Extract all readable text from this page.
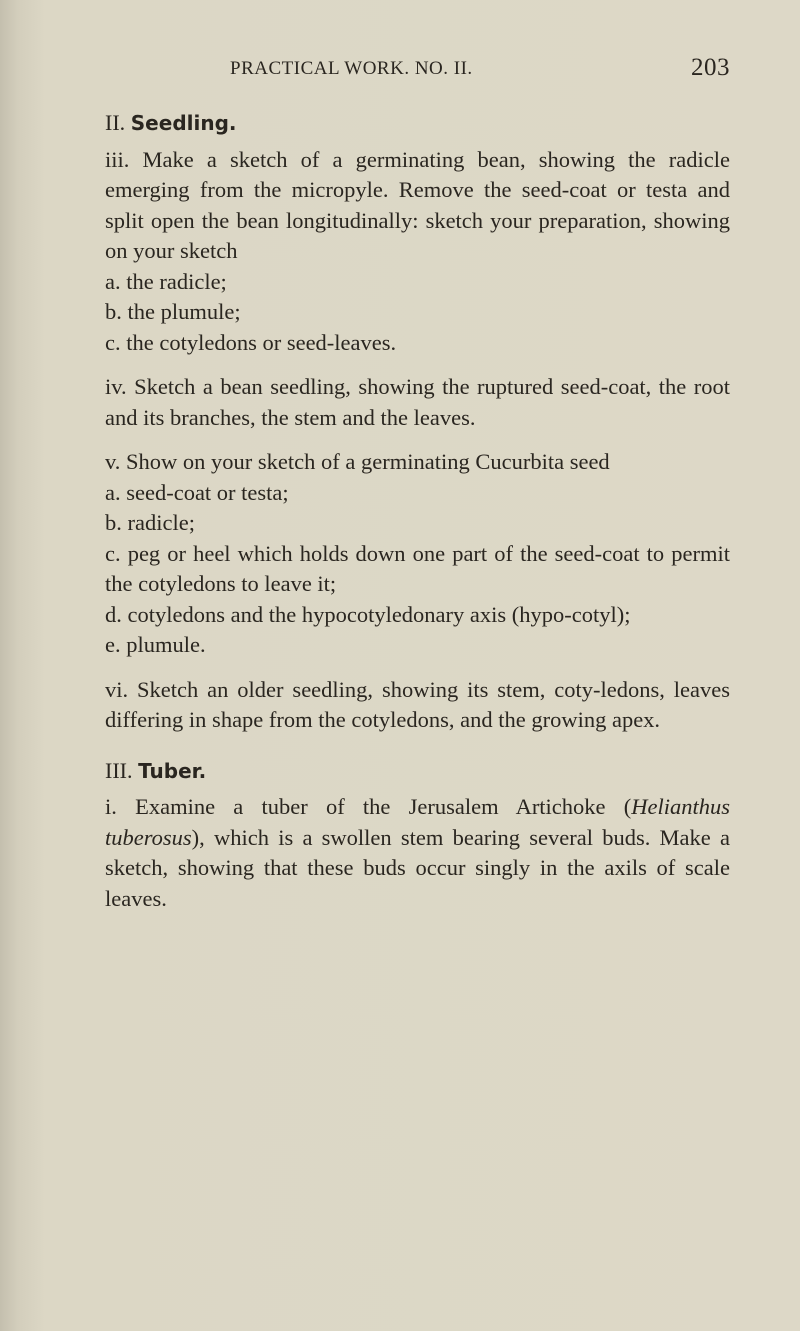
PRACTICAL WORK. NO. II.	203

II. Seedling.

iii. Make a sketch of a germinating bean, showing the radicle emerging from the micropyle. Remove the seed-coat or testa and split open the bean longitudinally: sketch your preparation, showing on your sketch

a. the radicle;

b. the plumule;

c. the cotyledons or seed-leaves.

iv. Sketch a bean seedling, showing the ruptured seed-coat, the root and its branches, the stem and the leaves.

v. Show on your sketch of a germinating Cucurbita seed

a. seed-coat or testa;

b. radicle;

c. peg or heel which holds down one part of the seed-coat to permit the cotyledons to leave it;

d. cotyledons and the hypocotyledonary axis (hypo-cotyl);

e. plumule.

vi. Sketch an older seedling, showing its stem, coty-ledons, leaves differing in shape from the cotyledons, and the growing apex.

III. Tuber.

i. Examine a tuber of the Jerusalem Artichoke (Helianthus tuberosus), which is a swollen stem bearing several buds. Make a sketch, showing that these buds occur singly in the axils of scale leaves.
